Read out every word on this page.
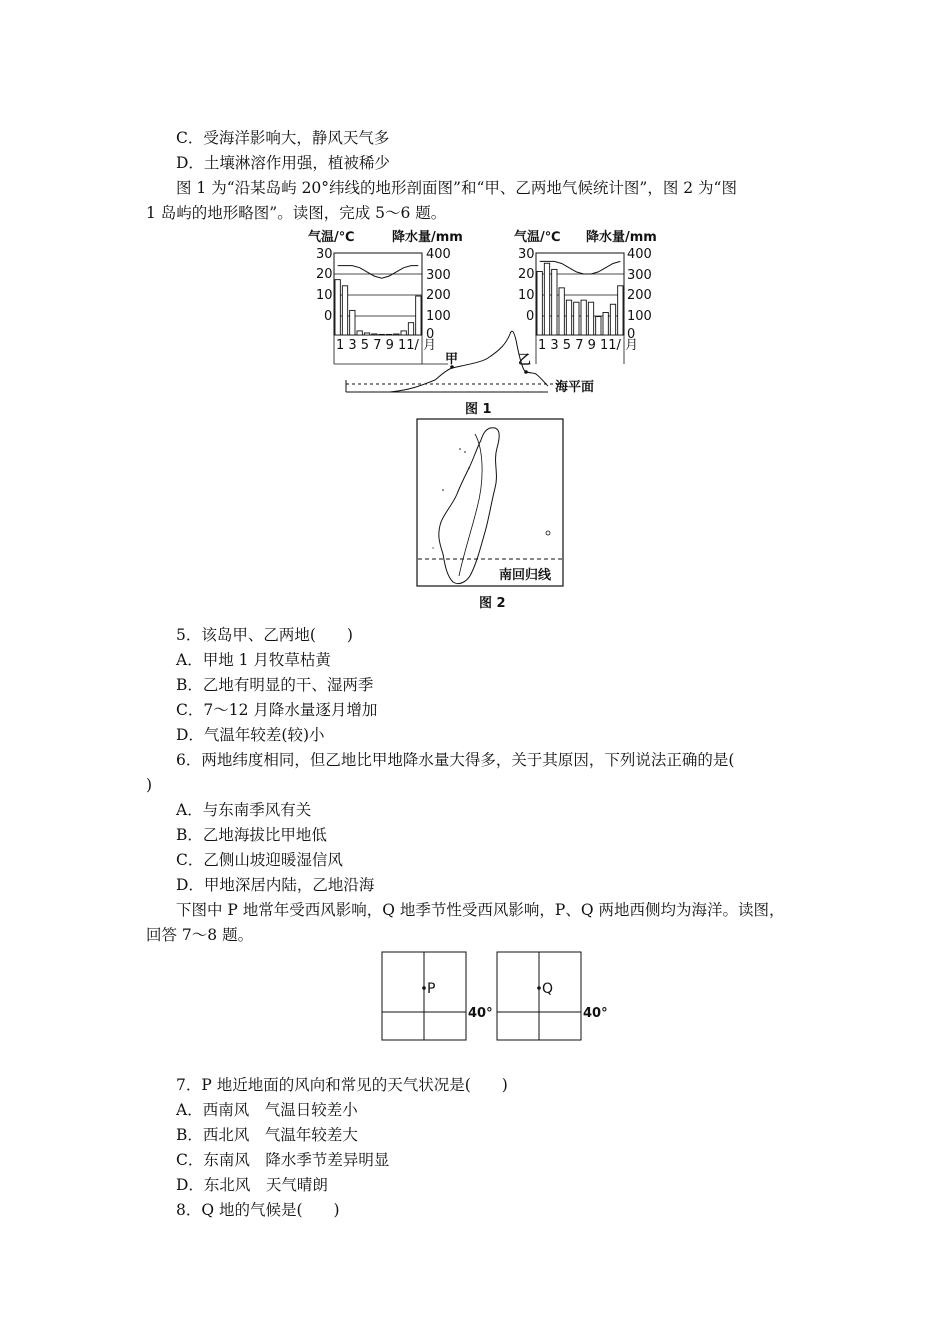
C．受海洋影响大，静风天气多
D．土壤淋溶作用强，植被稀少
图 1 为“沿某岛屿 20°纬线的地形剖面图”和“甲、乙两地气候统计图”，图 2 为“图
1 岛屿的地形略图”。读图，完成 5～6 题。
气温/℃	降水量/mm	气温/℃ 降水量/mm
30
20
10
0
400
300
200
100
0
30
20
10
0
400
300
200
100
0
1 3 5 7 9 11/ 月	1 3 5 7 9 11/ 月
甲	乙
海平面
图 1
南回归线
图 2
5．该岛甲、乙两地(　　)
A．甲地 1 月牧草枯黄
B．乙地有明显的干、湿两季
C．7～12 月降水量逐月增加
D．气温年较差(较)小
6．两地纬度相同，但乙地比甲地降水量大得多，关于其原因，下列说法正确的是(
)
A．与东南季风有关
B．乙地海拔比甲地低
C．乙侧山坡迎暖湿信风
D．甲地深居内陆，乙地沿海
下图中 P 地常年受西风影响，Q 地季节性受西风影响，P、Q 两地西侧均为海洋。读图，
回答 7～8 题。
P
40°
Q
40°
7．P 地近地面的风向和常见的天气状况是(　　)
A．西南风　气温日较差小
B．西北风　气温年较差大
C．东南风　降水季节差异明显
D．东北风　天气晴朗
8．Q 地的气候是(　　)
